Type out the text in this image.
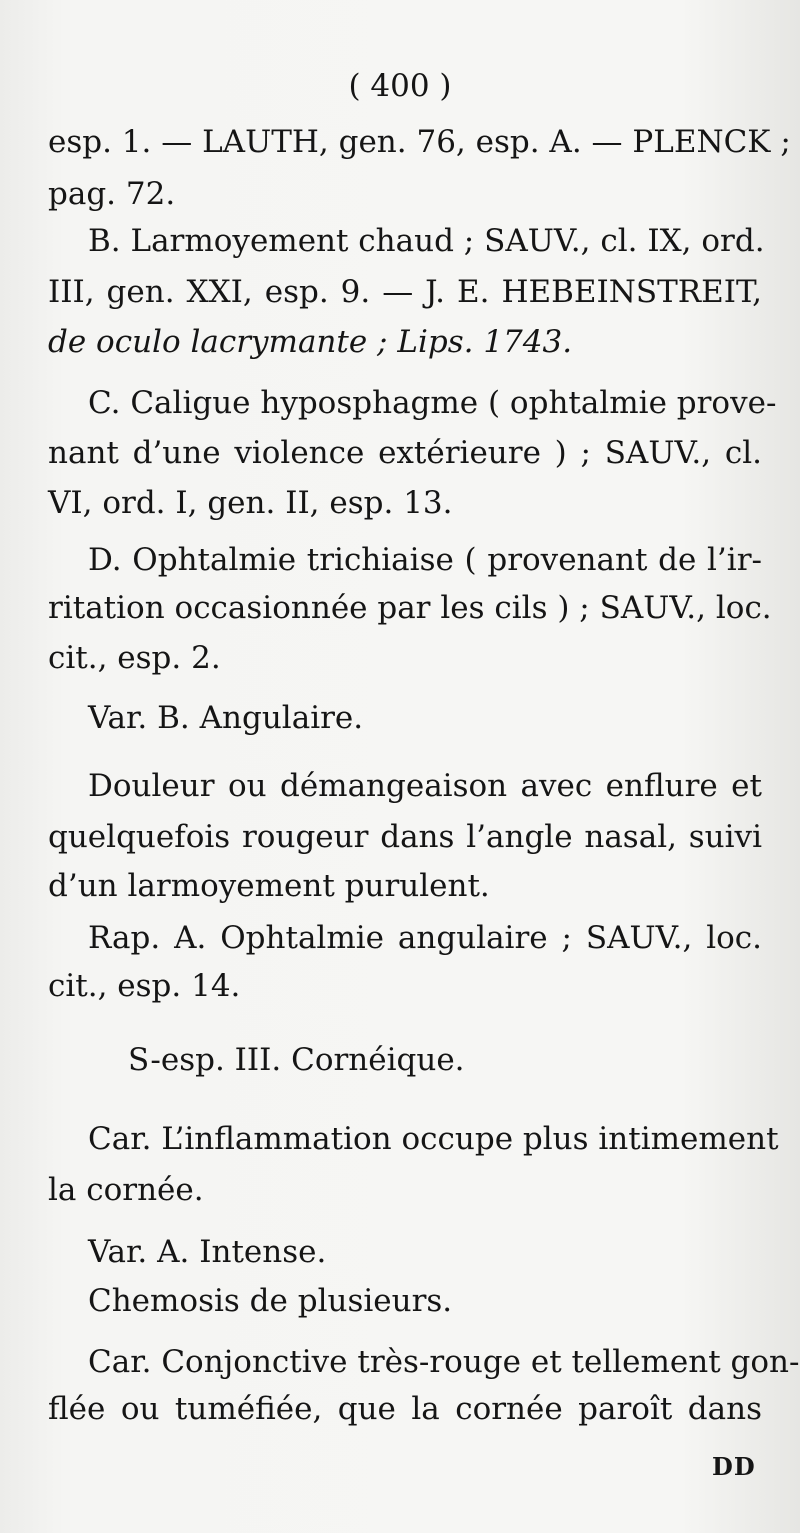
( 400 )
esp. 1. — LAUTH, gen. 76, esp. A. — PLENCK ;
pag. 72.
B. Larmoyement chaud ; SAUV., cl. IX, ord.
III, gen. XXI, esp. 9. — J. E. HEBEINSTREIT,
de oculo lacrymante ; Lips. 1743.
C. Caligue hyposphagme ( ophtalmie prove-
nant d’une violence extérieure ) ; SAUV., cl.
VI, ord. I, gen. II, esp. 13.
D. Ophtalmie trichiaise ( provenant de l’ir-
ritation occasionnée par les cils ) ; SAUV., loc.
cit., esp. 2.
Var. B. Angulaire.
Douleur ou démangeaison avec enflure et
quelquefois rougeur dans l’angle nasal, suivi
d’un larmoyement purulent.
Rap. A. Ophtalmie angulaire ; SAUV., loc.
cit., esp. 14.
S-esp. III. Cornéique.
Car. L’inflammation occupe plus intimement
la cornée.
Var. A. Intense.
Chemosis de plusieurs.
Car. Conjonctive très-rouge et tellement gon-
flée ou tuméfiée, que la cornée paroît dans
DD
